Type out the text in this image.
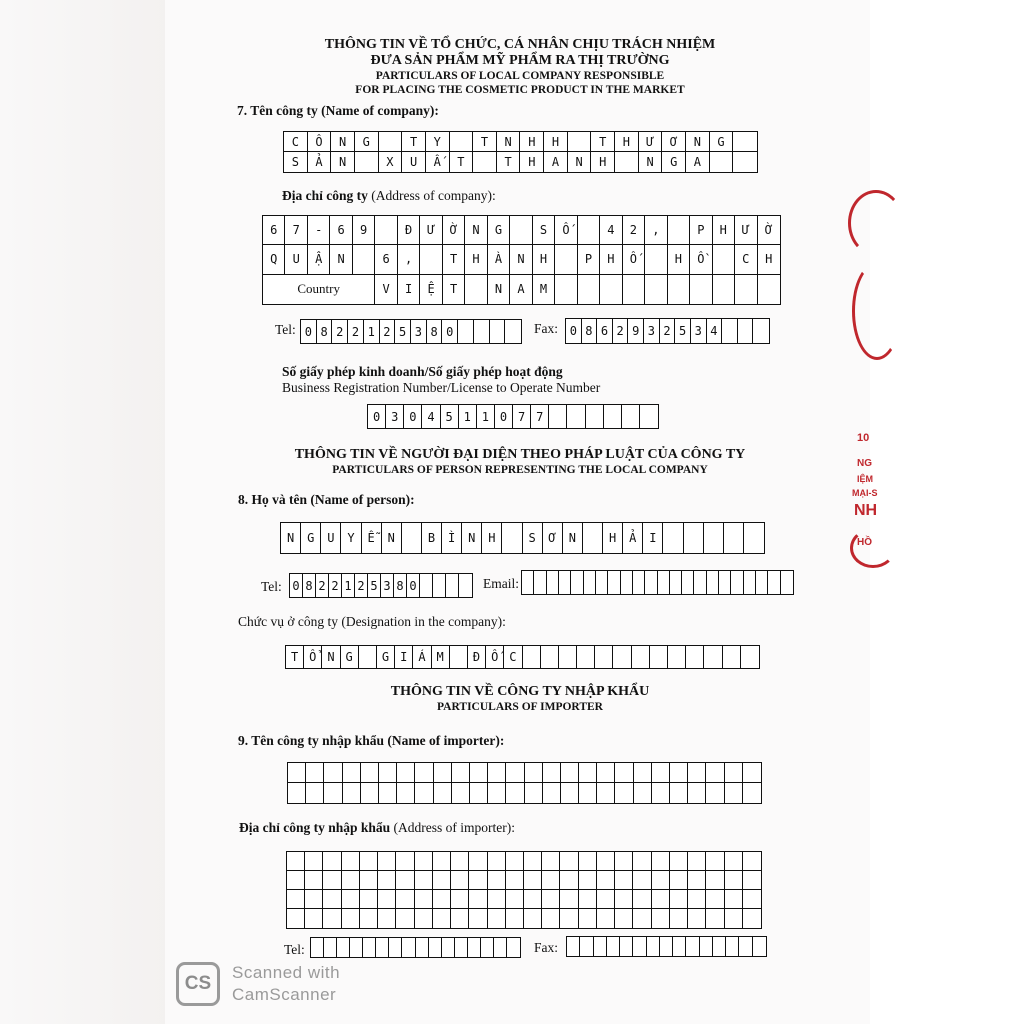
THÔNG TIN VỀ TỔ CHỨC, CÁ NHÂN CHỊU TRÁCH NHIỆM
ĐƯA SẢN PHẨM MỸ PHẨM RA THỊ TRƯỜNG
PARTICULARS OF LOCAL COMPANY RESPONSIBLE
FOR PLACING THE COSMETIC PRODUCT IN THE MARKET
7. Tên công ty (Name of company):
C	Ô	N	G	T	Y	T	N	H	H	T	H	Ư	Ơ	N	G
S	Ả	N	X	U	Ấ	T	T	H	A	N	H	N	G	A
Địa chỉ công ty (Address of company):
6	7	-	6	9	Đ	Ư	Ờ	N	G	S	Ố	4	2	,	P	H	Ư	Ờ
Q	U	Ậ	N	6	,	T	H	À	N	H	P	H	Ố	H	Ồ	C	H
Country	V	I	Ệ	T	N	A	M
Tel: 0 8 2 2 1 2 5 3 8 0	Fax: 0 8 6 2 9 3 2 5 3 4
Số giấy phép kinh doanh/Số giấy phép hoạt động
Business Registration Number/License to Operate Number
0 3 0 4 5 1 1 0 7 7
THÔNG TIN VỀ NGƯỜI ĐẠI DIỆN THEO PHÁP LUẬT CỦA CÔNG TY
PARTICULARS OF PERSON REPRESENTING THE LOCAL COMPANY
8. Họ và tên (Name of person):
N	G	U	Y	Ễ	N	B	Ì	N	H	S	Ơ	N	H	Ả	I
Tel: 0 8 2 2 1 2 5 3 8 0	Email:
Chức vụ ở công ty (Designation in the company):
T Ổ N G	G I Á M	Đ Ố C
THÔNG TIN VỀ CÔNG TY NHẬP KHẨU
PARTICULARS OF IMPORTER
9. Tên công ty nhập khẩu (Name of importer):
Địa chỉ công ty nhập khẩu (Address of importer):
Tel:	Fax:
10
NG
IỆM
MẠI-S
NH
HỒ
CS
Scanned with
CamScanner
